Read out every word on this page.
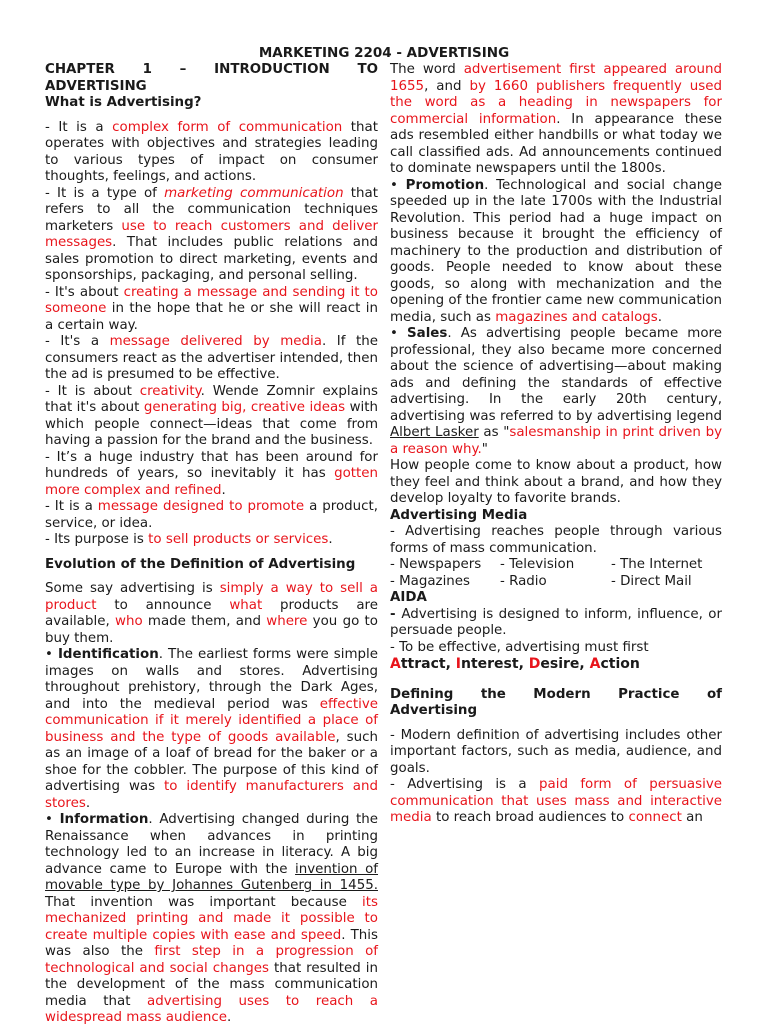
MARKETING 2204 - ADVERTISING
CHAPTER 1 – INTRODUCTION TO
ADVERTISING
What is Advertising?

- It is a complex form of communication that operates with objectives and strategies leading to various types of impact on consumer thoughts, feelings, and actions.

- It is a type of marketing communication that refers to all the communication techniques marketers use to reach customers and deliver messages. That includes public relations and sales promotion to direct marketing, events and sponsorships, packaging, and personal selling.

- It's about creating a message and sending it to someone in the hope that he or she will react in a certain way.

- It's a message delivered by media. If the consumers react as the advertiser intended, then the ad is presumed to be effective.

- It is about creativity. Wende Zomnir explains that it's about generating big, creative ideas with which people connect—ideas that come from having a passion for the brand and the business.

- It’s a huge industry that has been around for hundreds of years, so inevitably it has gotten more complex and refined.

- It is a message designed to promote a product, service, or idea.

- Its purpose is to sell products or services.

Evolution of the Definition of Advertising

Some say advertising is simply a way to sell a product to announce what products are available, who made them, and where you go to buy them.

• Identification. The earliest forms were simple images on walls and stores. Advertising throughout prehistory, through the Dark Ages, and into the medieval period was effective communication if it merely identified a place of business and the type of goods available, such as an image of a loaf of bread for the baker or a shoe for the cobbler. The purpose of this kind of advertising was to identify manufacturers and stores.

• Information. Advertising changed during the Renaissance when advances in printing technology led to an increase in literacy. A big advance came to Europe with the invention of movable type by Johannes Gutenberg in 1455. That invention was important because its mechanized printing and made it possible to create multiple copies with ease and speed. This was also the first step in a progression of technological and social changes that resulted in the development of the mass communication media that advertising uses to reach a widespread mass audience.

The word advertisement first appeared around 1655, and by 1660 publishers frequently used the word as a heading in newspapers for commercial information. In appearance these ads resembled either handbills or what today we call classified ads. Ad announcements continued to dominate newspapers until the 1800s.

• Promotion. Technological and social change speeded up in the late 1700s with the Industrial Revolution. This period had a huge impact on business because it brought the efficiency of machinery to the production and distribution of goods. People needed to know about these goods, so along with mechanization and the opening of the frontier came new communication media, such as magazines and catalogs.

• Sales. As advertising people became more professional, they also became more concerned about the science of advertising—about making ads and defining the standards of effective advertising. In the early 20th century, advertising was referred to by advertising legend Albert Lasker as "salesmanship in print driven by a reason why."

How people come to know about a product, how they feel and think about a brand, and how they develop loyalty to favorite brands.

Advertising Media

- Advertising reaches people through various forms of mass communication.

- Newspapers	- Television	- The Internet
- Magazines	- Radio	- Direct Mail
AIDA

- Advertising is designed to inform, influence, or persuade people.

- To be effective, advertising must first

Attract, Interest, Desire, Action

Defining the Modern Practice of Advertising

- Modern definition of advertising includes other important factors, such as media, audience, and goals.

- Advertising is a paid form of persuasive communication that uses mass and interactive media to reach broad audiences to connect an
